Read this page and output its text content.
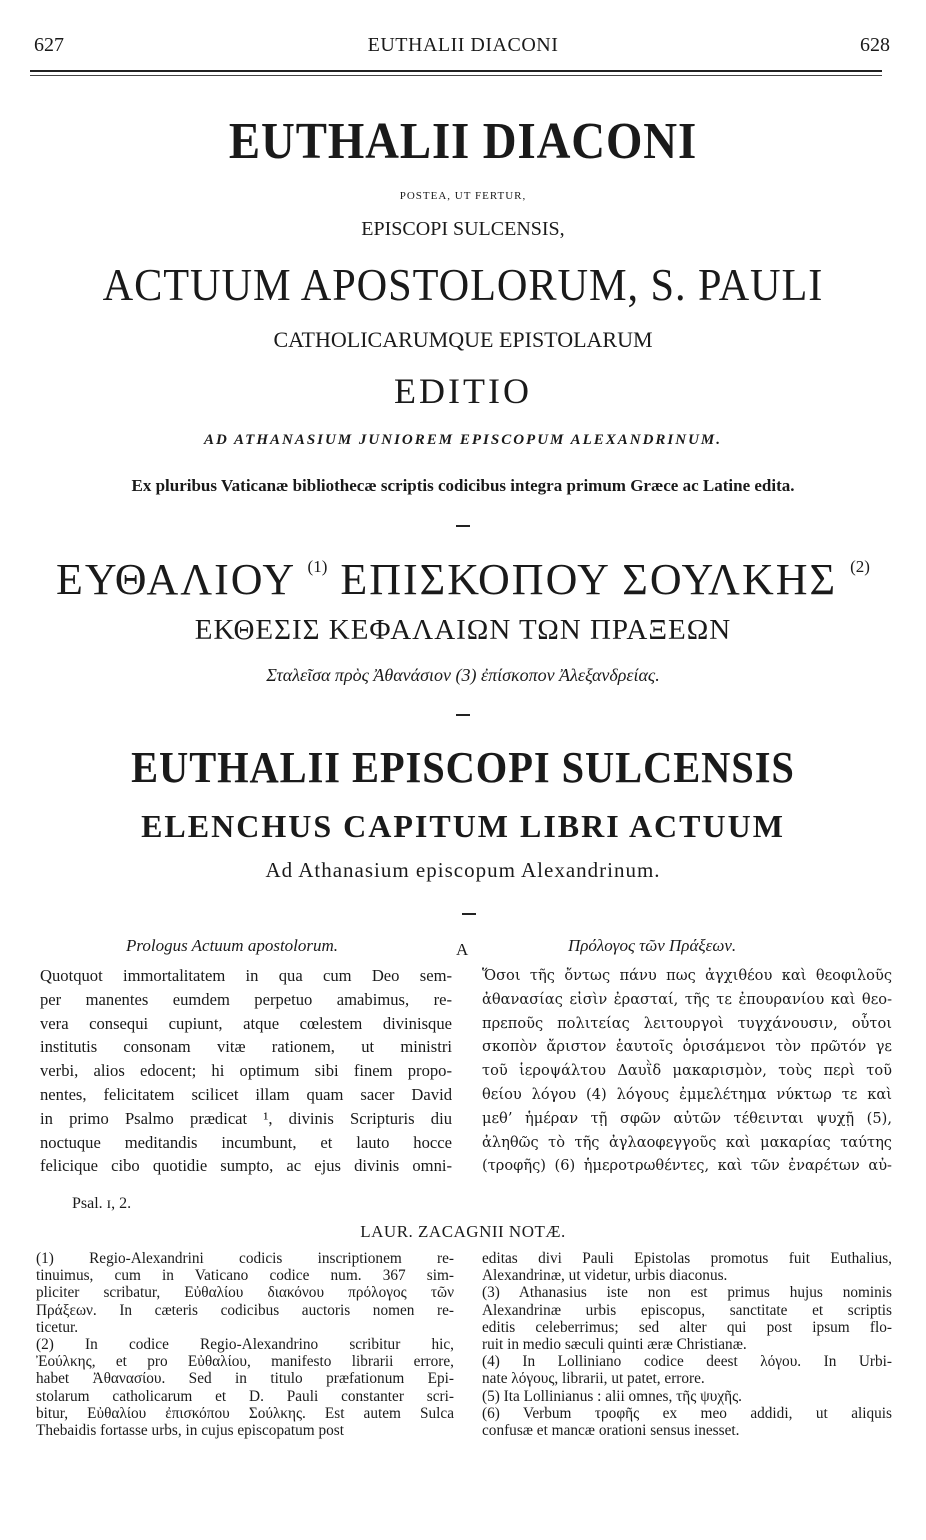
627	EUTHALII DIACONI	628
EUTHALII DIACONI
POSTEA, UT FERTUR,
EPISCOPI SULCENSIS,
ACTUUM APOSTOLORUM, S. PAULI
CATHOLICARUMQUE EPISTOLARUM
EDITIO
AD ATHANASIUM JUNIOREM EPISCOPUM ALEXANDRINUM.
Ex pluribus Vaticanæ bibliothecæ scriptis codicibus integra primum Græce ac Latine edita.
ΕΥΘΑΛΙΟΥ $^{(1)}$ ΕΠΙΣΚΟΠΟΥ ΣΟΥΛΚΗΣ $^{(2)}$
ΕΚΘΕΣΙΣ ΚΕΦΑΛΑΙΩΝ ΤΩΝ ΠΡΑΞΕΩΝ
Σταλεῖσα πρὸς Ἀθανάσιον (3) ἐπίσκοπον Ἀλεξανδρείας.
EUTHALII EPISCOPI SULCENSIS
ELENCHUS CAPITUM LIBRI ACTUUM
Ad Athanasium episcopum Alexandrinum.
Prologus Actuum apostolorum.	A	Πρόλογος τῶν Πράξεων.
Quotquot immortalitatem in qua cum Deo sem-
per manentes eumdem perpetuo amabimus, re-
vera consequi cupiunt, atque cœlestem divinisque
institutis consonam vitæ rationem, ut ministri
verbi, alios edocent; hi optimum sibi finem propo-
nentes, felicitatem scilicet illam quam sacer David
in primo Psalmo prædicat ¹, divinis Scripturis diu
noctuque meditandis incumbunt, et lauto hocce
felicique cibo quotidie sumpto, ac ejus divinis omni-
Ὅσοι τῆς ὄντως πάνυ πως ἀγχιθέου καὶ θεοφιλοῦς
ἀθανασίας εἰσὶν ἐρασταί, τῆς τε ἐπουρανίου καὶ θεο-
πρεποῦς πολιτείας λειτουργοὶ τυγχάνουσιν, οὗτοι
σκοπὸν ἄριστον ἑαυτοῖς ὁρισάμενοι τὸν πρῶτόν γε
τοῦ ἱεροψάλτου Δαυῒδ μακαρισμὸν, τοὺς περὶ τοῦ
θείου λόγου (4) λόγους ἐμμελέτημα νύκτωρ τε καὶ
μεθ’ ἡμέραν τῇ σφῶν αὐτῶν τέθεινται ψυχῇ (5),
ἀληθῶς τὸ τῆς ἀγλαοφεγγοῦς καὶ μακαρίας ταύτης
(τροφῆς) (6) ἡμεροτρωθέντες, καὶ τῶν ἐναρέτων αὐ-
Psal. ɪ, 2.
LAUR. ZACAGNII NOTÆ.
(1) Regio-Alexandrini codicis inscriptionem re-
tinuimus, cum in Vaticano codice num. 367 sim-
pliciter scribatur, Εὐθαλίου διακόνου πρόλογος τῶν
Πράξεων. In cæteris codicibus auctoris nomen re-
ticetur.
(2) In codice Regio-Alexandrino scribitur hic,
Ἐούλκης, et pro Εὐθαλίου, manifesto librarii errore,
habet Ἀθανασίου. Sed in titulo præfationum Epi-
stolarum catholicarum et D. Pauli constanter scri-
bitur, Εὐθαλίου ἐπισκόπου Σούλκης. Est autem Sulca
Thebaidis fortasse urbs, in cujus episcopatum post
editas divi Pauli Epistolas promotus fuit Euthalius,
Alexandrinæ, ut videtur, urbis diaconus.
(3) Athanasius iste non est primus hujus nominis
Alexandrinæ urbis episcopus, sanctitate et scriptis
editis celeberrimus; sed alter qui post ipsum flo-
ruit in medio sæculi quinti æræ Christianæ.
(4) In Lolliniano codice deest λόγου. In Urbi-
nate λόγους, librarii, ut patet, errore.
(5) Ita Lollinianus : alii omnes, τῆς ψυχῆς.
(6) Verbum τροφῆς ex meo addidi, ut aliquis
confusæ et mancæ orationi sensus inesset.
